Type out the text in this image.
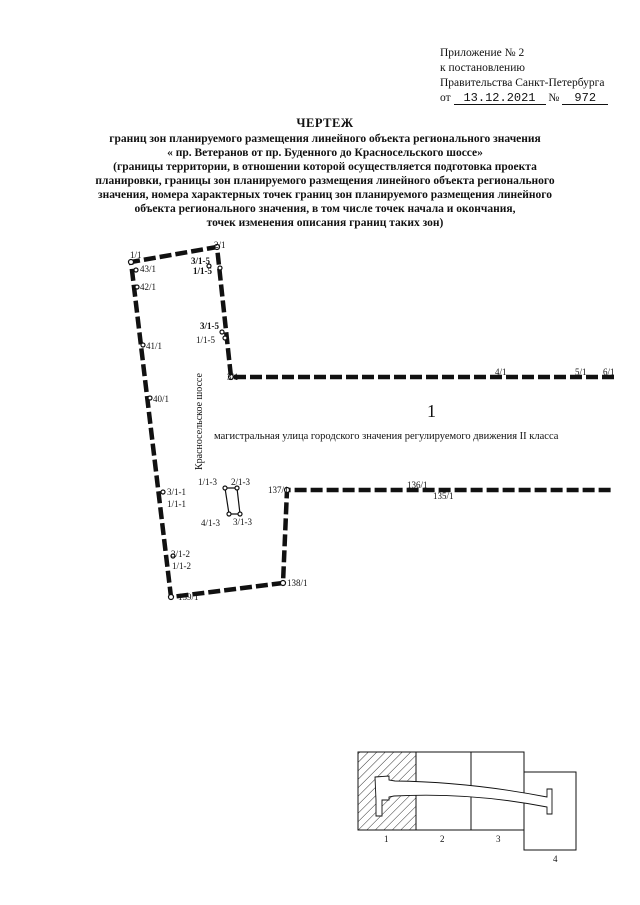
Приложение № 2
к постановлению
Правительства Санкт-Петербурга
от 13.12.2021 № 972
ЧЕРТЕЖ
границ зон планируемого размещения линейного объекта регионального значения
« пр. Ветеранов от пр. Буденного до Красносельского шоссе»
(границы территории, в отношении которой осуществляется подготовка проекта
планировки, границы зон планируемого размещения линейного объекта регионального
значения, номера характерных точек границ зон планируемого размещения линейного
объекта регионального значения, в том числе точек начала и окончания,
точек изменения описания границ таких зон)
1/1
2/1
43/1
42/1
41/1
40/1
3/1-5
1/1-5
3/1-5
1/1-5
3/1	4/1	5/1 6/1
137/1	136/1
135/1
138/1
139/1
3/1-1
1/1-1
3/1-2
1/1-2
1/1-3 2/1-3
4/1-3 3/1-3
1
магистральная улица городского значения регулируемого движения II класса
Красносельское шоссе
1	2	3
4
